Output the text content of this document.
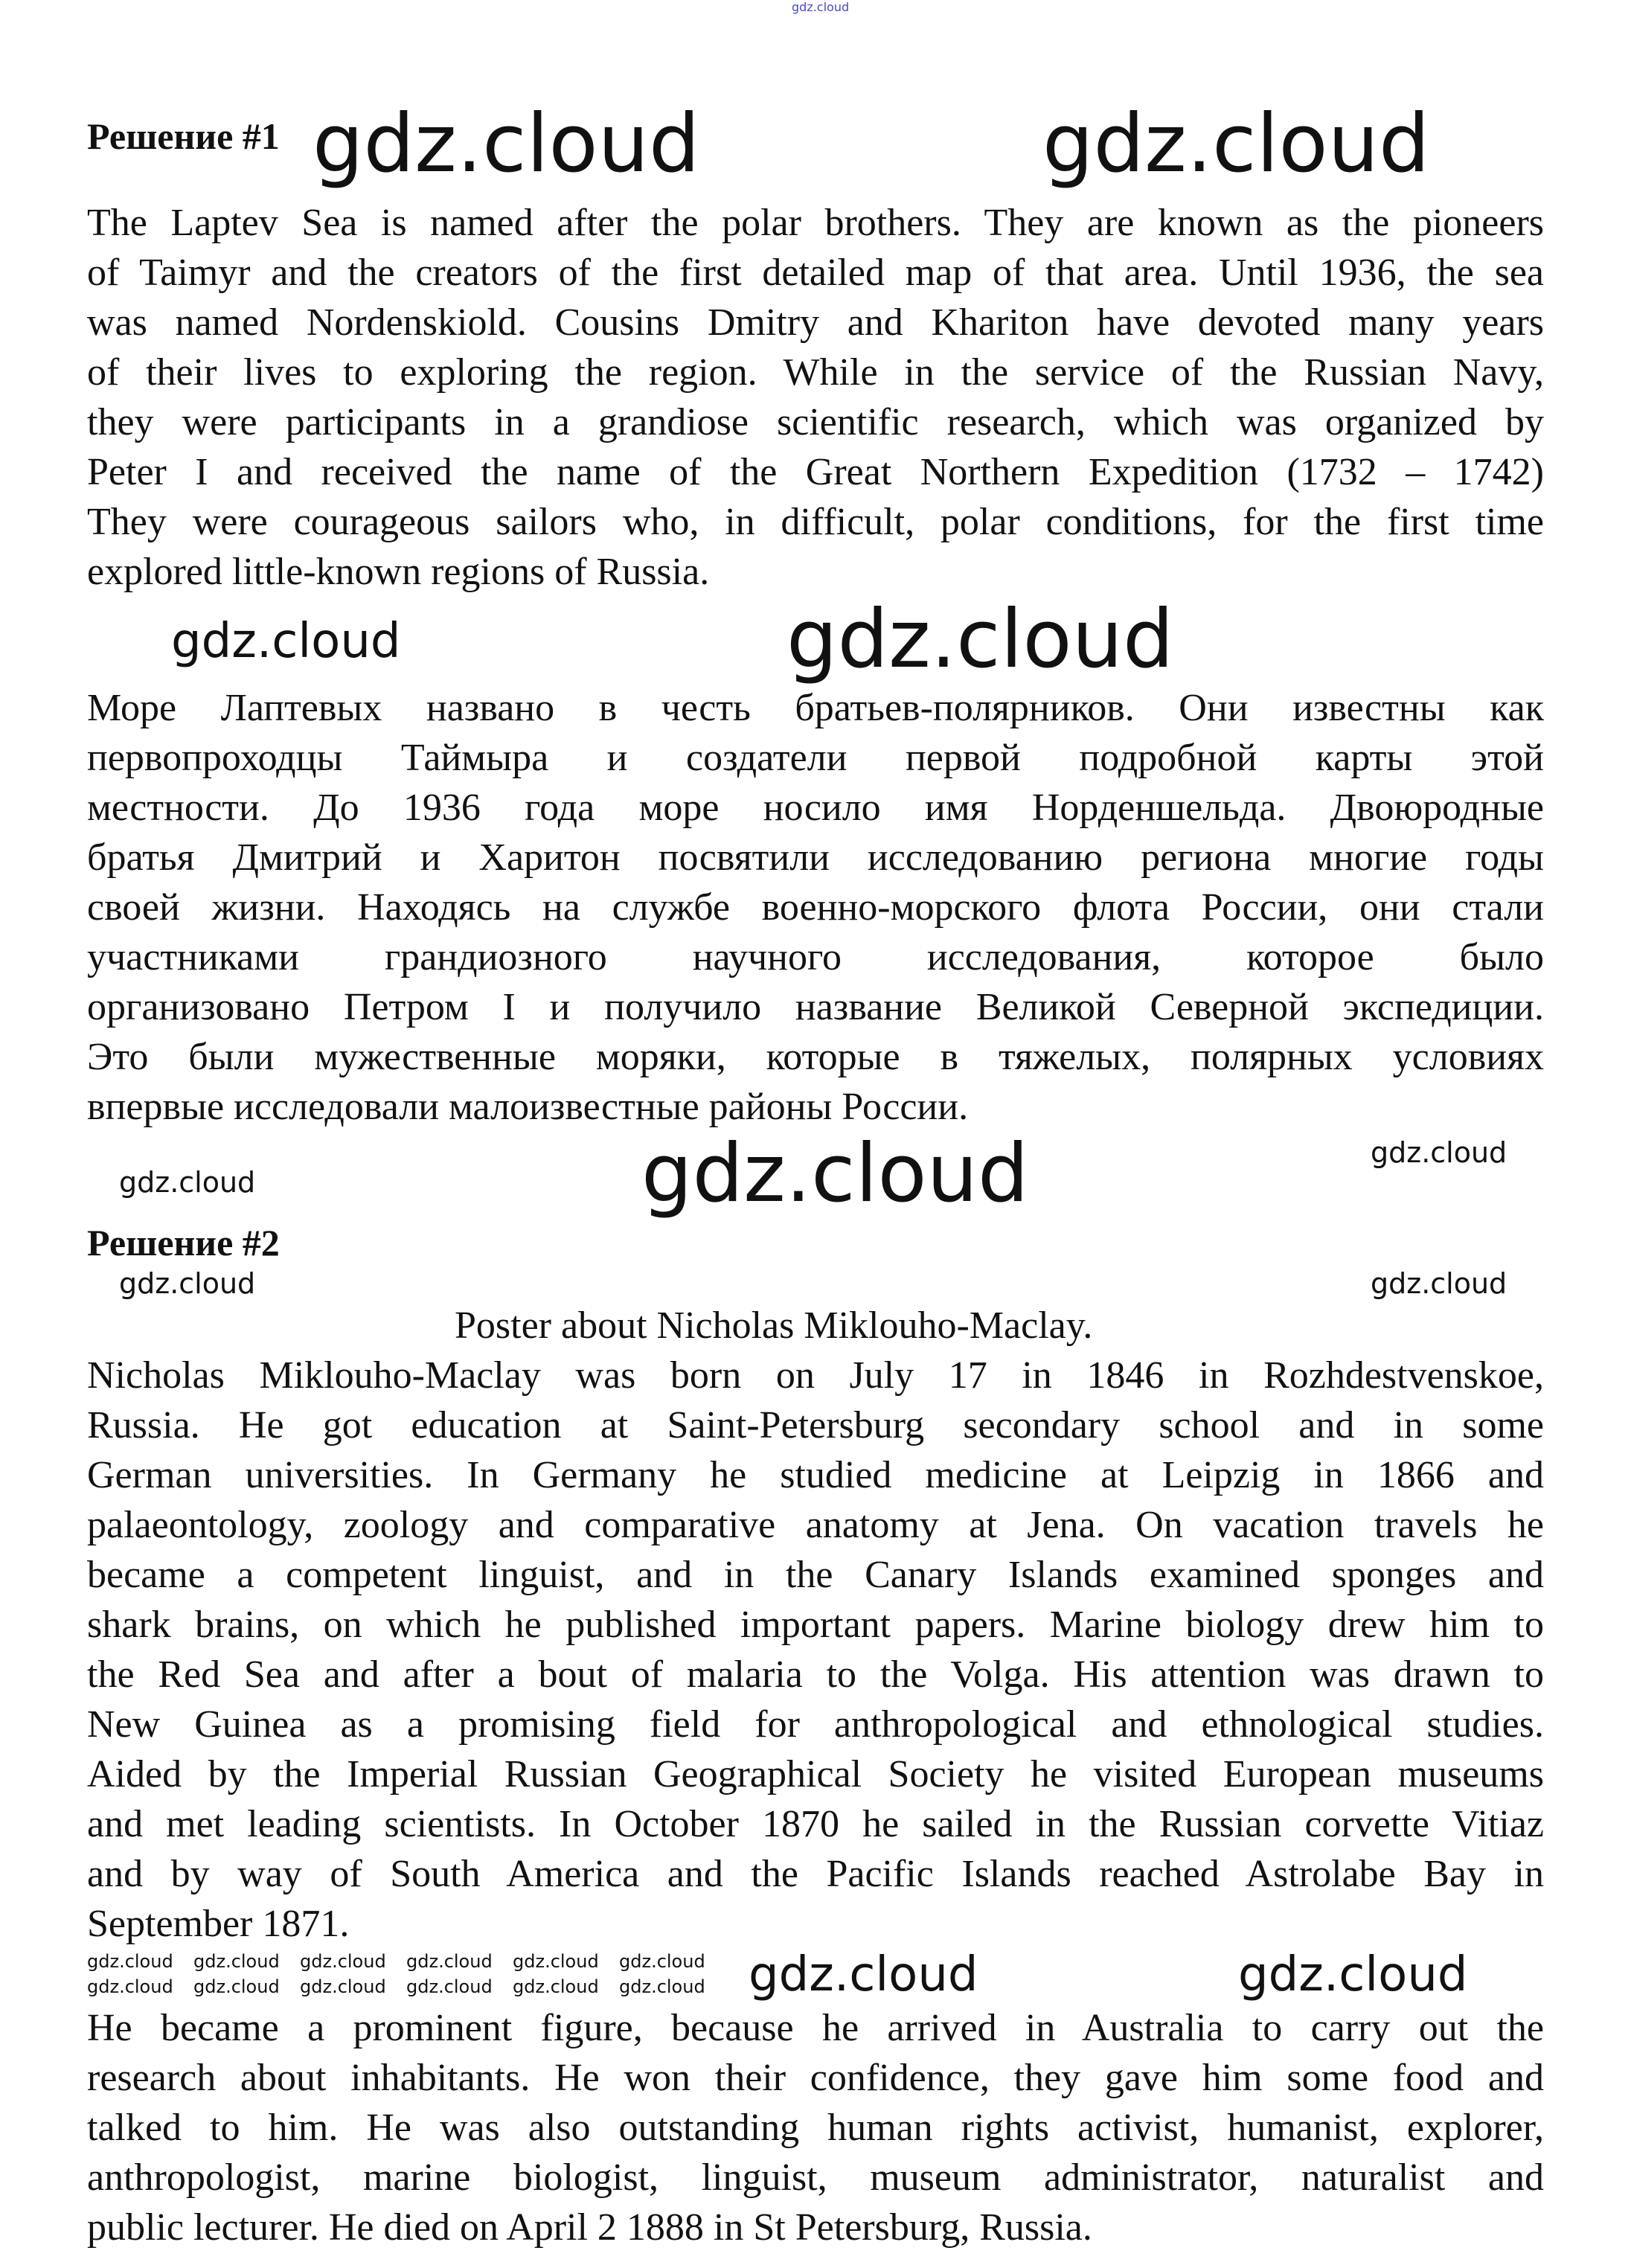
gdz.cloud
Решение #1 gdz.cloud	gdz.cloud
The Laptev Sea is named after the polar brothers. They are known as the pioneers
of Taimyr and the creators of the first detailed map of that area. Until 1936, the sea
was named Nordenskiold. Cousins Dmitry and Khariton have devoted many years
of their lives to exploring the region. While in the service of the Russian Navy,
they were participants in a grandiose scientific research, which was organized by
Peter I and received the name of the Great Northern Expedition (1732 – 1742)
They were courageous sailors who, in difficult, polar conditions, for the first time
explored little-known regions of Russia.
gdz.cloud	gdz.cloud
Море Лаптевых названо в честь братьев-полярников. Они известны как
первопроходцы Таймыра и создатели первой подробной карты этой
местности. До 1936 года море носило имя Норденшельда. Двоюродные
братья Дмитрий и Харитон посвятили исследованию региона многие годы
своей жизни. Находясь на службе военно-морского флота России, они стали
участниками грандиозного научного исследования, которое было
организовано Петром I и получило название Великой Северной экспедиции.
Это были мужественные моряки, которые в тяжелых, полярных условиях
впервые исследовали малоизвестные районы России.
gdz.cloud
gdz.cloud	gdz.cloud
Решение #2
gdz.cloud
gdz.cloud
Poster about Nicholas Miklouho-Maclay.
Nicholas Miklouho-Maclay was born on July 17 in 1846 in Rozhdestvenskoe,
Russia. He got education at Saint-Petersburg secondary school and in some
German universities. In Germany he studied medicine at Leipzig in 1866 and
palaeontology, zoology and comparative anatomy at Jena. On vacation travels he
became a competent linguist, and in the Canary Islands examined sponges and
shark brains, on which he published important papers. Marine biology drew him to
the Red Sea and after a bout of malaria to the Volga. His attention was drawn to
New Guinea as a promising field for anthropological and ethnological studies.
Aided by the Imperial Russian Geographical Society he visited European museums
and met leading scientists. In October 1870 he sailed in the Russian corvette Vitiaz
and by way of South America and the Pacific Islands reached Astrolabe Bay in
September 1871.
gdz.cloud gdz.cloud gdz.cloud gdz.cloud gdz.cloud gdz.cloud
gdz.cloud gdz.cloud gdz.cloud gdz.cloud gdz.cloud gdz.cloud gdz.cloud	gdz.cloud
He became a prominent figure, because he arrived in Australia to carry out the
research about inhabitants. He won their confidence, they gave him some food and
talked to him. He was also outstanding human rights activist, humanist, explorer,
anthropologist, marine biologist, linguist, museum administrator, naturalist and
public lecturer. He died on April 2 1888 in St Petersburg, Russia.
